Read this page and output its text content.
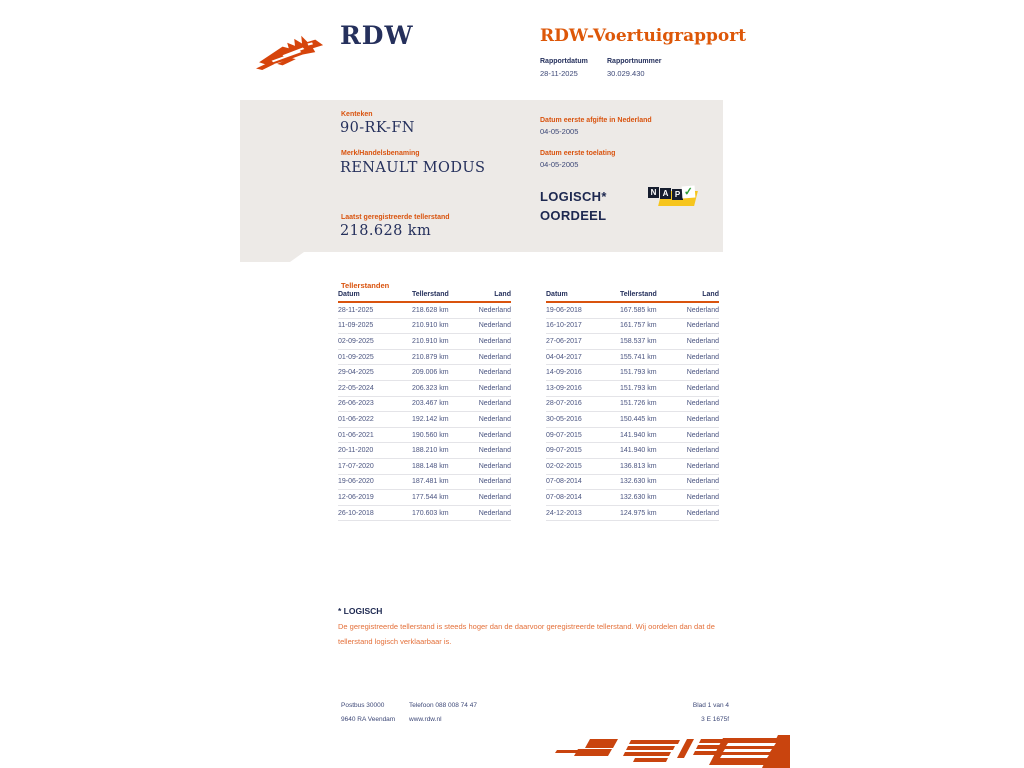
RDW	RDW-Voertuigrapport
Rapportdatum	Rapportnummer
28-11-2025	30.029.430
Kenteken
90-RK-FN
Merk/Handelsbenaming
RENAULT MODUS
Laatst geregistreerde tellerstand
218.628 km
Datum eerste afgifte in Nederland
04-05-2005
Datum eerste toelating
04-05-2005
LOGISCH*
OORDEEL
N A P ✓
Tellerstanden
Datum	Tellerstand	Land
28-11-2025	218.628 km	Nederland
11-09-2025	210.910 km	Nederland
02-09-2025	210.910 km	Nederland
01-09-2025	210.879 km	Nederland
29-04-2025	209.006 km	Nederland
22-05-2024	206.323 km	Nederland
26-06-2023	203.467 km	Nederland
01-06-2022	192.142 km	Nederland
01-06-2021	190.560 km	Nederland
20-11-2020	188.210 km	Nederland
17-07-2020	188.148 km	Nederland
19-06-2020	187.481 km	Nederland
12-06-2019	177.544 km	Nederland
26-10-2018	170.603 km	Nederland
Datum	Tellerstand	Land
19-06-2018	167.585 km	Nederland
16-10-2017	161.757 km	Nederland
27-06-2017	158.537 km	Nederland
04-04-2017	155.741 km	Nederland
14-09-2016	151.793 km	Nederland
13-09-2016	151.793 km	Nederland
28-07-2016	151.726 km	Nederland
30-05-2016	150.445 km	Nederland
09-07-2015	141.940 km	Nederland
09-07-2015	141.940 km	Nederland
02-02-2015	136.813 km	Nederland
07-08-2014	132.630 km	Nederland
07-08-2014	132.630 km	Nederland
24-12-2013	124.975 km	Nederland
* LOGISCH
De geregistreerde tellerstand is steeds hoger dan de daarvoor geregistreerde tellerstand. Wij oordelen dan dat de tellerstand logisch verklaarbaar is.
Postbus 30000
9640 RA Veendam
Telefoon 088 008 74 47
www.rdw.nl
Blad 1 van 4
3 E 1675f
